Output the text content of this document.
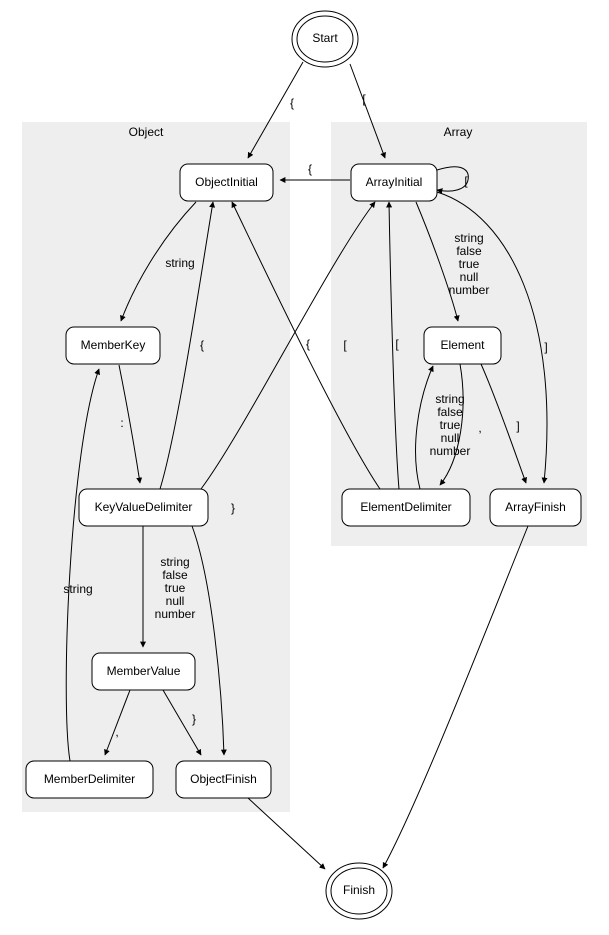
Object	Array
ObjectInitial	ArrayInitial
MemberKey	Element
KeyValueDelimiter	ElementDelimiter	ArrayFinish
MemberValue
MemberDelimiter	ObjectFinish
Start
Finish
{	[
{
[
string
{	{	[	[	]
:	,	]
}
string
,
}
string
false
true
null
number
string
false
true
null
number
string
false
true
null
number
